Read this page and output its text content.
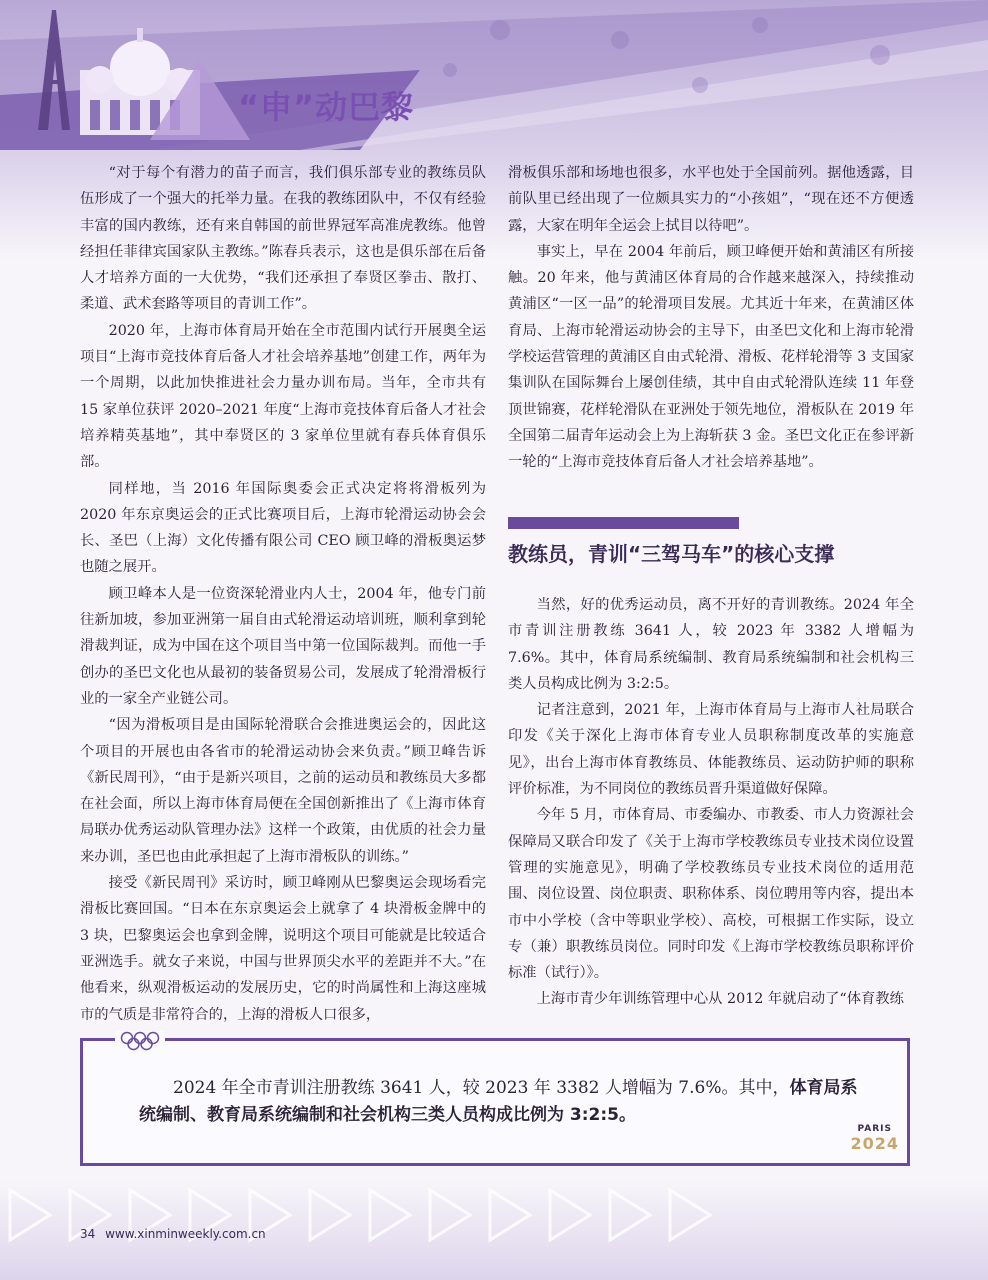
“申”动巴黎

“对于每个有潜力的苗子而言，我们俱乐部专业的教练员队伍形成了一个强大的托举力量。在我的教练团队中，不仅有经验丰富的国内教练，还有来自韩国的前世界冠军高准虎教练。他曾经担任菲律宾国家队主教练。”陈春兵表示，这也是俱乐部在后备人才培养方面的一大优势，“我们还承担了奉贤区拳击、散打、柔道、武术套路等项目的青训工作”。

2020 年，上海市体育局开始在全市范围内试行开展奥全运项目“上海市竞技体育后备人才社会培养基地”创建工作，两年为一个周期，以此加快推进社会力量办训布局。当年，全市共有 15 家单位获评 2020–2021 年度“上海市竞技体育后备人才社会培养精英基地”，其中奉贤区的 3 家单位里就有春兵体育俱乐部。

同样地，当 2016 年国际奥委会正式决定将将滑板列为 2020 年东京奥运会的正式比赛项目后，上海市轮滑运动协会会长、圣巴（上海）文化传播有限公司 CEO 顾卫峰的滑板奥运梦也随之展开。

顾卫峰本人是一位资深轮滑业内人士，2004 年，他专门前往新加坡，参加亚洲第一届自由式轮滑运动培训班，顺利拿到轮滑裁判证，成为中国在这个项目当中第一位国际裁判。而他一手创办的圣巴文化也从最初的装备贸易公司，发展成了轮滑滑板行业的一家全产业链公司。

“因为滑板项目是由国际轮滑联合会推进奥运会的，因此这个项目的开展也由各省市的轮滑运动协会来负责。”顾卫峰告诉《新民周刊》，“由于是新兴项目，之前的运动员和教练员大多都在社会面，所以上海市体育局便在全国创新推出了《上海市体育局联办优秀运动队管理办法》这样一个政策，由优质的社会力量来办训，圣巴也由此承担起了上海市滑板队的训练。”

接受《新民周刊》采访时，顾卫峰刚从巴黎奥运会现场看完滑板比赛回国。“日本在东京奥运会上就拿了 4 块滑板金牌中的 3 块，巴黎奥运会也拿到金牌，说明这个项目可能就是比较适合亚洲选手。就女子来说，中国与世界顶尖水平的差距并不大。”在他看来，纵观滑板运动的发展历史，它的时尚属性和上海这座城市的气质是非常符合的，上海的滑板人口很多，

滑板俱乐部和场地也很多，水平也处于全国前列。据他透露，目前队里已经出现了一位颇具实力的“小孩姐”，“现在还不方便透露，大家在明年全运会上拭目以待吧”。

事实上，早在 2004 年前后，顾卫峰便开始和黄浦区有所接触。20 年来，他与黄浦区体育局的合作越来越深入，持续推动黄浦区“一区一品”的轮滑项目发展。尤其近十年来，在黄浦区体育局、上海市轮滑运动协会的主导下，由圣巴文化和上海市轮滑学校运营管理的黄浦区自由式轮滑、滑板、花样轮滑等 3 支国家集训队在国际舞台上屡创佳绩，其中自由式轮滑队连续 11 年登顶世锦赛，花样轮滑队在亚洲处于领先地位，滑板队在 2019 年全国第二届青年运动会上为上海斩获 3 金。圣巴文化正在参评新一轮的“上海市竞技体育后备人才社会培养基地”。

教练员，青训“三驾马车”的核心支撑

当然，好的优秀运动员，离不开好的青训教练。2024 年全市青训注册教练 3641 人，较 2023 年 3382 人增幅为 7.6%。其中，体育局系统编制、教育局系统编制和社会机构三类人员构成比例为 3:2:5。

记者注意到，2021 年，上海市体育局与上海市人社局联合印发《关于深化上海市体育专业人员职称制度改革的实施意见》，出台上海市体育教练员、体能教练员、运动防护师的职称评价标准，为不同岗位的教练员晋升渠道做好保障。

今年 5 月，市体育局、市委编办、市教委、市人力资源社会保障局又联合印发了《关于上海市学校教练员专业技术岗位设置管理的实施意见》，明确了学校教练员专业技术岗位的适用范围、岗位设置、岗位职责、职称体系、岗位聘用等内容，提出本市中小学校（含中等职业学校）、高校，可根据工作实际，设立专（兼）职教练员岗位。同时印发《上海市学校教练员职称评价标准（试行）》。

上海市青少年训练管理中心从 2012 年就启动了“体育教练

2024 年全市青训注册教练 3641 人，较 2023 年 3382 人增幅为 7.6%。其中，体育局系统编制、教育局系统编制和社会机构三类人员构成比例为 3:2:5。
PARIS
2024
34 www.xinminweekly.com.cn
